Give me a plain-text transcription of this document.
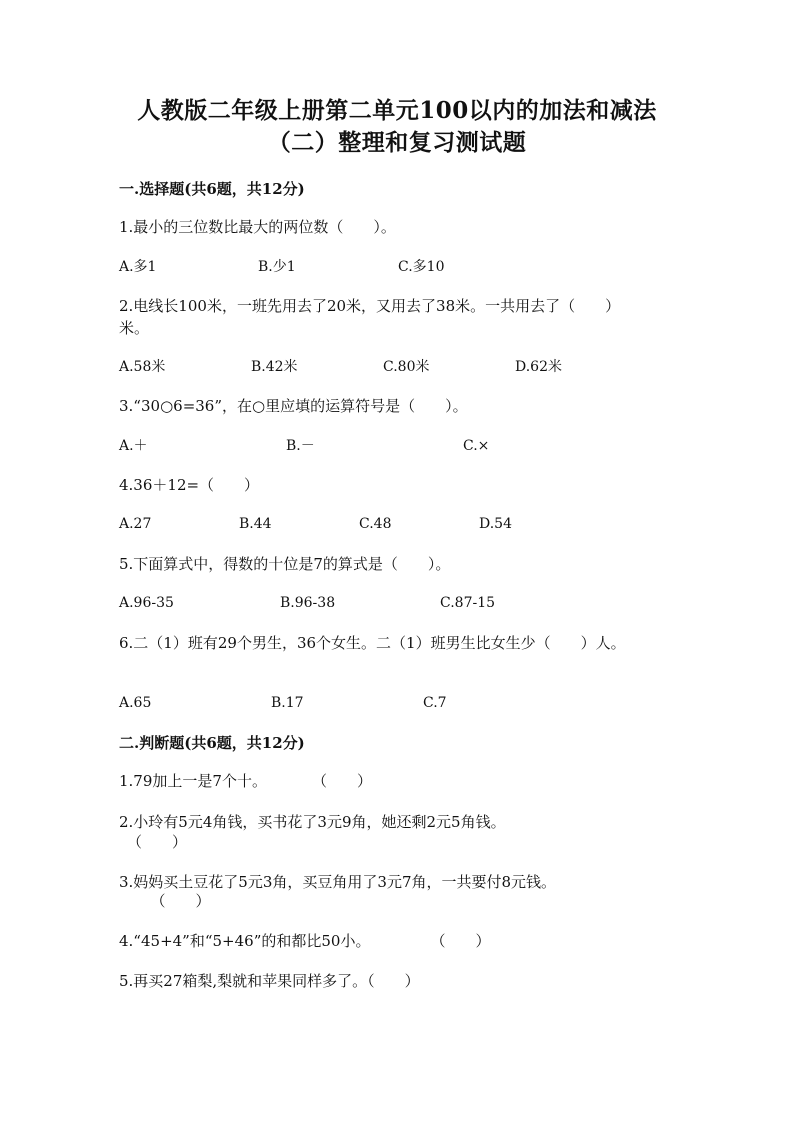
人教版二年级上册第二单元100以内的加法和减法
（二）整理和复习测试题
一.选择题(共6题，共12分)
1.最小的三位数比最大的两位数（　　）。
A.多1	B.少1	C.多10
2.电线长100米，一班先用去了20米，又用去了38米。一共用去了（　　）
米。
A.58米	B.42米	C.80米	D.62米
3.“30○6=36”，在○里应填的运算符号是（　　）。
A.＋	B.－	C.×
4.36＋12=（　　）
A.27	B.44	C.48	D.54
5.下面算式中，得数的十位是7的算式是（　　）。
A.96-35	B.96-38	C.87-15
6.二（1）班有29个男生，36个女生。二（1）班男生比女生少（　　）人。
A.65	B.17	C.7
二.判断题(共6题，共12分)
1.79加上一是7个十。　　　　（　　）
2.小玲有5元4角钱，买书花了3元9角，她还剩2元5角钱。
（　　）
3.妈妈买土豆花了5元3角，买豆角用了3元7角，一共要付8元钱。
　（　　）
4.“45+4”和“5+46”的和都比50小。　　　　　（　　）
5.再买27箱梨,梨就和苹果同样多了。（　　）
